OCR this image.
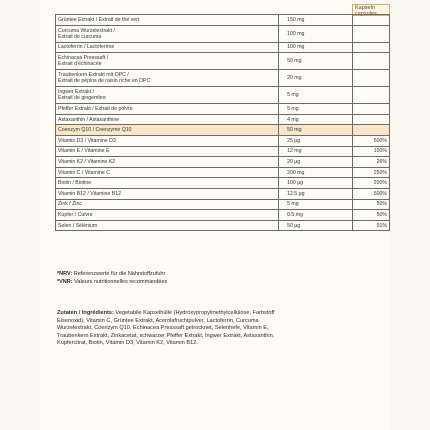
Kapseln
capsules
Grüntee Extrakt / Extrait de thé vert	150 mg	

Curcuma Wurzelextrakt /
Extrait de curcuma	100 mg	

Lactoferrin / Lactoferrine	100 mg	

Echinacea Presssaft /
Extrait d'échinacée	50 mg	

Traubenkern Extrakt mit OPC /
Extrait de pépins de raisin riche en OPC	20 mg	

Ingwer Extrakt /
Extrait de gingembre	5 mg	

Pfeffer Extrakt / Extrait de poivre	5 mg	

Astaxanthin / Astaxanthine	4 mg	

Coenzym Q10 / Coenzyme Q10	50 mg	

Vitamin D3 / Vitamine D3	25 µg	500%

Vitamin E / Vitamine E	12 mg	100%

Vitamin K2 / Vitamine K2	20 µg	26%

Vitamin C / Vitamine C	200 mg	250%

Biotin / Biotine	100 µg	200%

Vitamin B12 / Vitamine B12	12.5 µg	500%

Zink / Zinc	5 mg	50%

Kupfer / Cuivre	0.5 mg	50%

Selen / Sélénium	50 µg	91%
*NRV: Referenzwerte für die Nährstoffzufuhr
*VNR: Valeurs nutritionnelles recommandées
Zutaten / Ingrédients: Vegetabile Kapselhülle (Hydroxypropylmethylcellulose, Farbstoff Eisenoxid), Vitamin C, Grüntee Extrakt, Acerolafruchtpulver, Lactoferrin, Curcuma Wurzelextrakt, Coenzym Q10, Echinacea Presssaft getrocknet, Selenhefe, Vitamin E, Traubenkern Extrakt, Zinkacetat, schwarzer Pfeffer Extrakt, Ingwer Extrakt, Astaxanthin, Kupfercitrat, Biotin, Vitamin D3, Vitamin K2, Vitamin B12.
